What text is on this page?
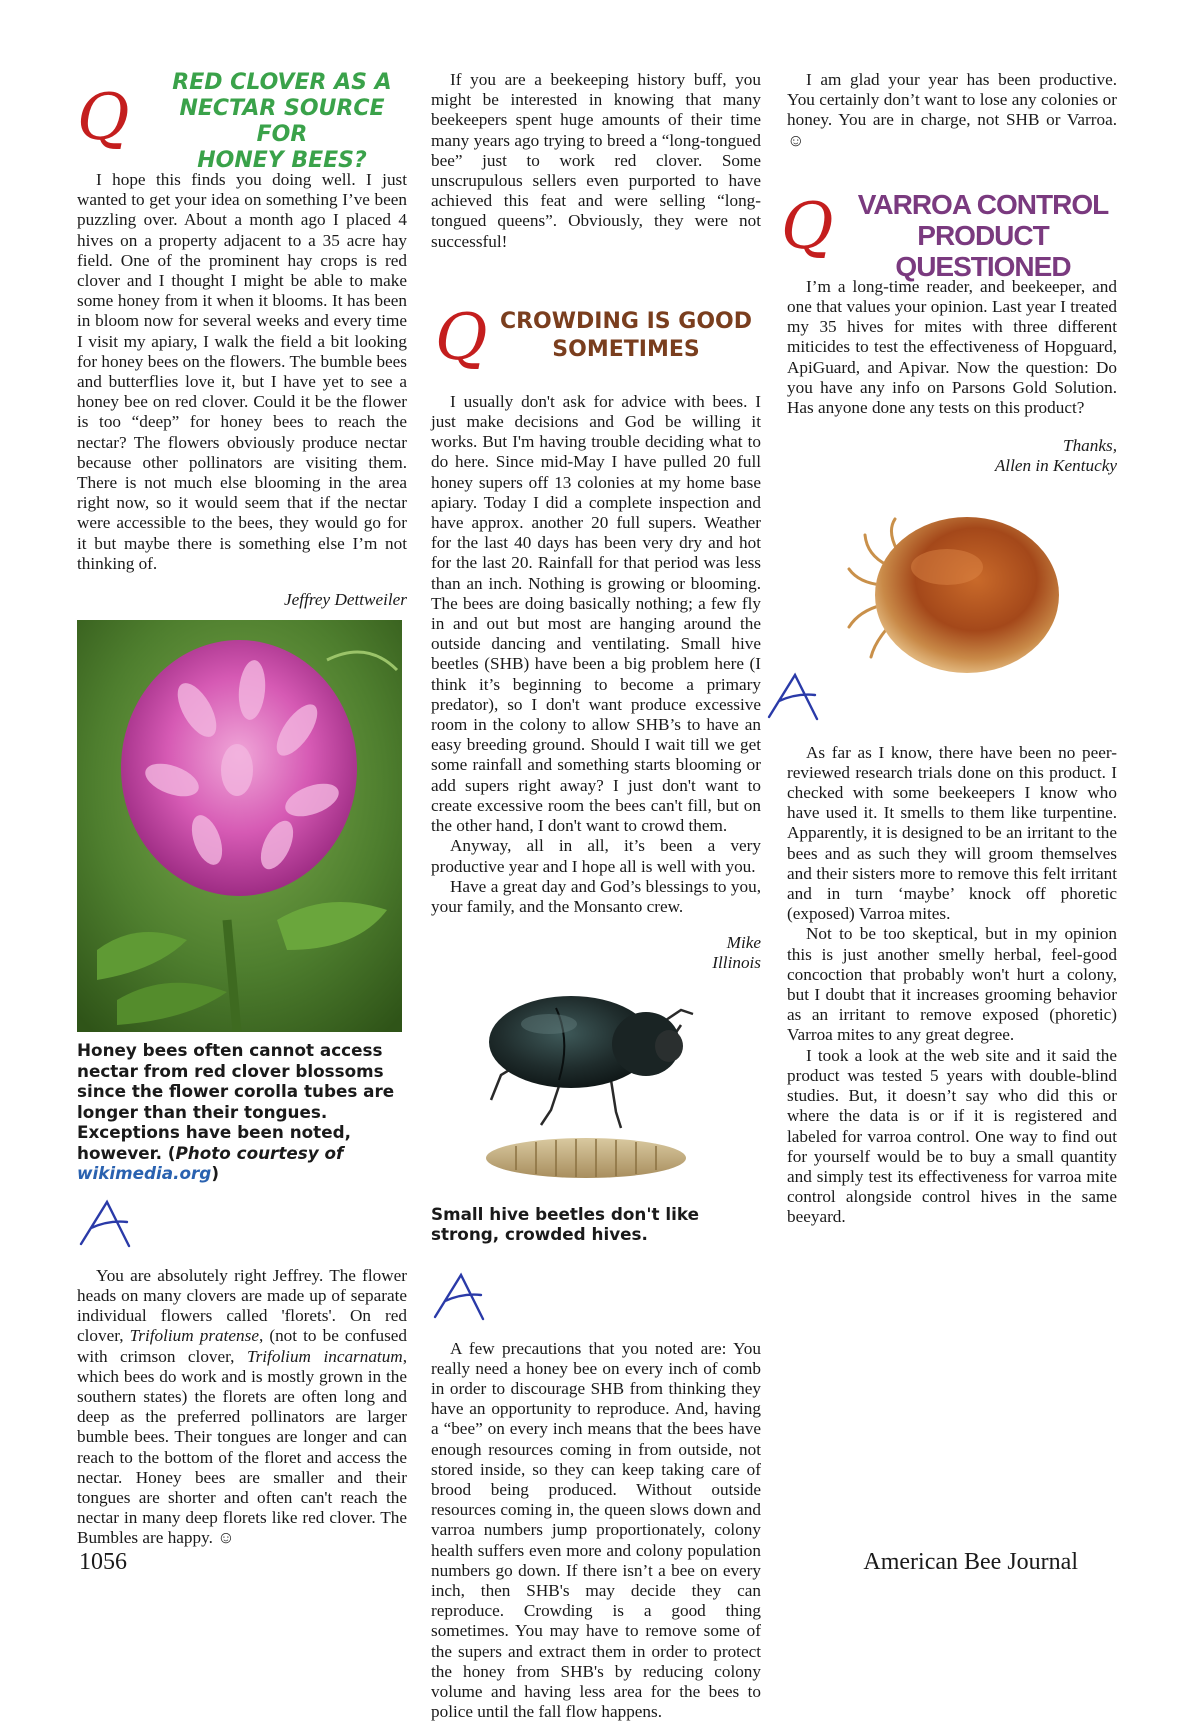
Q	RED CLOVER AS A
NECTAR SOURCE FOR
HONEY BEES?

I hope this finds you doing well. I just wanted to get your idea on something I’ve been puzzling over. About a month ago I placed 4 hives on a property adjacent to a 35 acre hay field. One of the prominent hay crops is red clover and I thought I might be able to make some honey from it when it blooms. It has been in bloom now for several weeks and every time I visit my apiary, I walk the field a bit looking for honey bees on the flowers. The bumble bees and butterflies love it, but I have yet to see a honey bee on red clover. Could it be the flower is too “deep” for honey bees to reach the nectar? The flowers obviously produce nectar because other pollinators are visiting them. There is not much else blooming in the area right now, so it would seem that if the nectar were accessible to the bees, they would go for it but maybe there is something else I’m not thinking of.

Jeffrey Dettweiler

Honey bees often cannot access nectar from red clover blossoms since the flower corolla tubes are longer than their tongues. Exceptions have been noted, however. (Photo courtesy of wikimedia.org)

You are absolutely right Jeffrey. The flower heads on many clovers are made up of separate individual flowers called 'florets'. On red clover, Trifolium pratense, (not to be confused with crimson clover, Trifolium incarnatum, which bees do work and is mostly grown in the southern states) the florets are often long and deep as the preferred pollinators are larger bumble bees. Their tongues are longer and can reach to the bottom of the floret and access the nectar. Honey bees are smaller and their tongues are shorter and often can't reach the nectar in many deep florets like red clover. The Bumbles are happy. ☺

If you are a beekeeping history buff, you might be interested in knowing that many beekeepers spent huge amounts of their time many years ago trying to breed a “long-tongued bee” just to work red clover. Some unscrupulous sellers even purported to have achieved this feat and were selling “long-tongued queens”. Obviously, they were not successful!

Q CROWDING IS GOOD
SOMETIMES

I usually don't ask for advice with bees. I just make decisions and God be willing it works. But I'm having trouble deciding what to do here. Since mid-May I have pulled 20 full honey supers off 13 colonies at my home base apiary. Today I did a complete inspection and have approx. another 20 full supers. Weather for the last 40 days has been very dry and hot for the last 20. Rainfall for that period was less than an inch. Nothing is growing or blooming. The bees are doing basically nothing; a few fly in and out but most are hanging around the outside dancing and ventilating. Small hive beetles (SHB) have been a big problem here (I think it’s beginning to become a primary predator), so I don't want produce excessive room in the colony to allow SHB’s to have an easy breeding ground. Should I wait till we get some rainfall and something starts blooming or add supers right away? I just don't want to create excessive room the bees can't fill, but on the other hand, I don't want to crowd them.

Anyway, all in all, it’s been a very productive year and I hope all is well with you.

Have a great day and God’s blessings to you, your family, and the Monsanto crew.

Mike

Illinois

Small hive beetles don't like strong, crowded hives.

A few precautions that you noted are: You really need a honey bee on every inch of comb in order to discourage SHB from thinking they have an opportunity to reproduce. And, having a “bee” on every inch means that the bees have enough resources coming in from outside, not stored inside, so they can keep taking care of brood being produced. Without outside resources coming in, the queen slows down and varroa numbers jump proportionately, colony health suffers even more and colony population numbers go down. If there isn’t a bee on every inch, then SHB's may decide they can reproduce. Crowding is a good thing sometimes. You may have to remove some of the supers and extract them in order to protect the honey from SHB's by reducing colony volume and having less area for the bees to police until the fall flow happens.

I am glad your year has been productive. You certainly don’t want to lose any colonies or honey. You are in charge, not SHB or Varroa. ☺

Q VARROA CONTROL
PRODUCT QUESTIONED

I’m a long-time reader, and beekeeper, and one that values your opinion. Last year I treated my 35 hives for mites with three different miticides to test the effectiveness of Hopguard, ApiGuard, and Apivar. Now the question: Do you have any info on Parsons Gold Solution. Has anyone done any tests on this product?

Thanks,

Allen in Kentucky

As far as I know, there have been no peer-reviewed research trials done on this product. I checked with some beekeepers I know who have used it. It smells to them like turpentine. Apparently, it is designed to be an irritant to the bees and as such they will groom themselves and their sisters more to remove this felt irritant and in turn ‘maybe’ knock off phoretic (exposed) Varroa mites.

Not to be too skeptical, but in my opinion this is just another smelly herbal, feel-good concoction that probably won't hurt a colony, but I doubt that it increases grooming behavior as an irritant to remove exposed (phoretic) Varroa mites to any great degree.

I took a look at the web site and it said the product was tested 5 years with double-blind studies. But, it doesn’t say who did this or where the data is or if it is registered and labeled for varroa control. One way to find out for yourself would be to buy a small quantity and simply test its effectiveness for varroa mite control alongside control hives in the same beeyard.

1056	American Bee Journal
